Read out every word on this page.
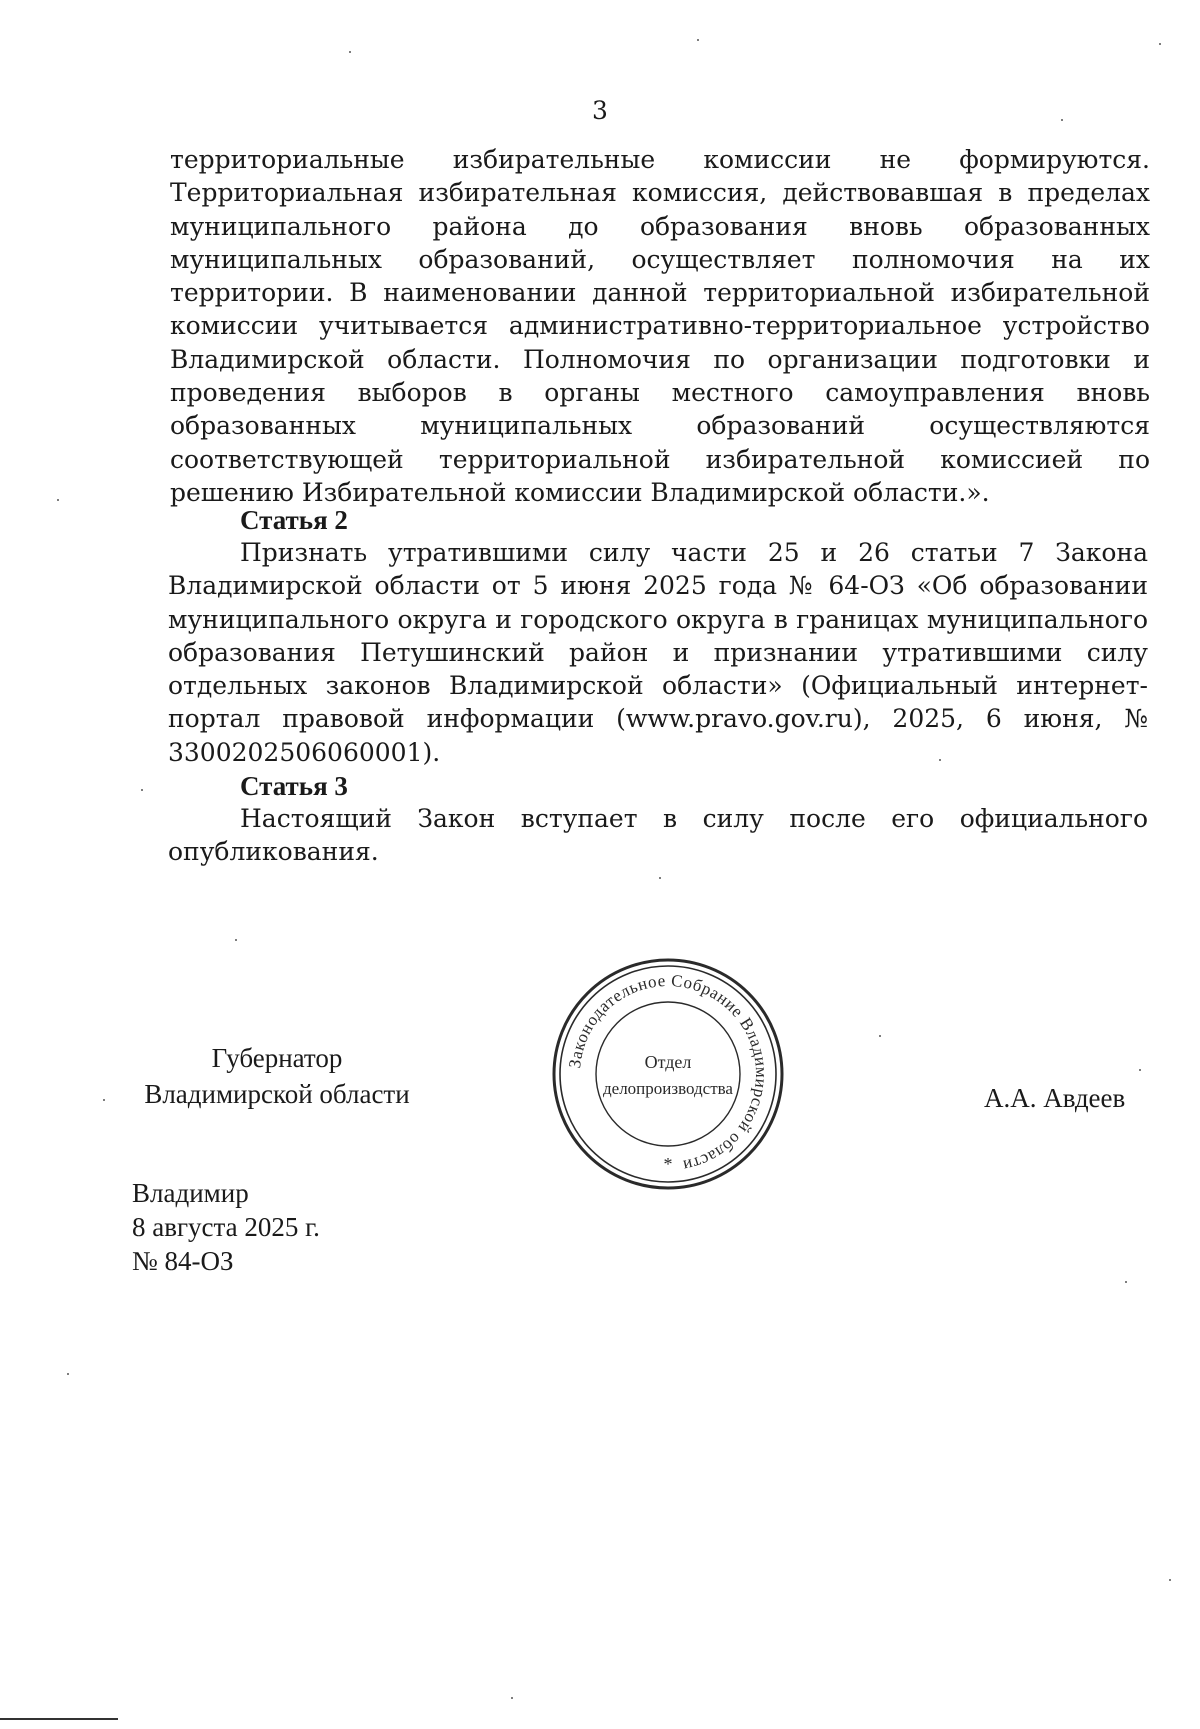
3

территориальные избирательные комиссии не формируются. Территориальная избирательная комиссия, действовавшая в пределах муниципального района до образования вновь образованных муниципальных образований, осуществляет полномочия на их территории. В наименовании данной территориальной избирательной комиссии учитывается административно-территориальное устройство Владимирской области. Полномочия по организации подготовки и проведения выборов в органы местного самоуправления вновь образованных муниципальных образований осуществляются соответствующей территориальной избирательной комиссией по решению Избирательной комиссии Владимирской области.».

Статья 2

Признать утратившими силу части 25 и 26 статьи 7 Закона Владимирской области от 5 июня 2025 года № 64-ОЗ «Об образовании муниципального округа и городского округа в границах муниципального образования Петушинский район и признании утратившими силу отдельных законов Владимирской области» (Официальный интернет-портал правовой информации (www.pravo.gov.ru), 2025, 6 июня, № 3300202506060001).

Статья 3

Настоящий Закон вступает в силу после его официального опубликования.

Губернатор
Владимирской области
Законодательное Собрание Владимирской области
Отдел
делопроизводства
*
А.А. Авдеев
Владимир
8 августа 2025 г.
№ 84-ОЗ
